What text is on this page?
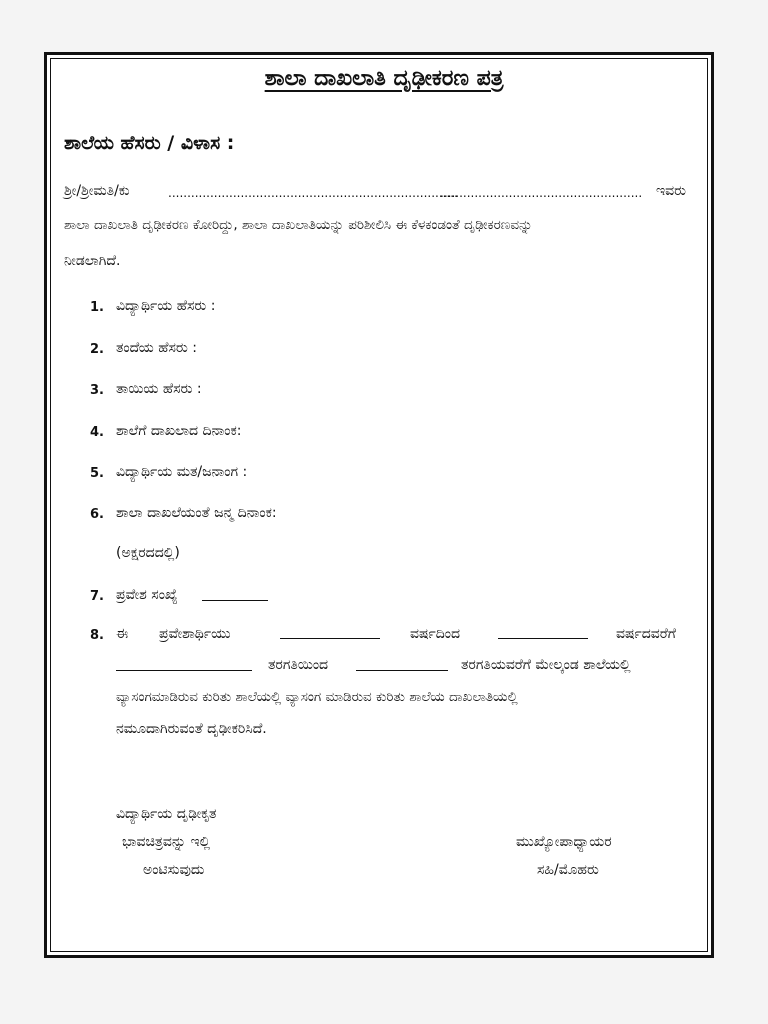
ಶಾಲಾ ದಾಖಲಾತಿ ದೃಢೀಕರಣ ಪತ್ರ
ಶಾಲೆಯ ಹೆಸರು / ವಿಳಾಸ :
ಶ್ರೀ/ಶ್ರೀಮತಿ/ಕು	............................................................................
..................................................... ಇವರು
ಶಾಲಾ ದಾಖಲಾತಿ ದೃಢೀಕರಣ ಕೋರಿದ್ದು, ಶಾಲಾ ದಾಖಲಾತಿಯನ್ನು ಪರಿಶೀಲಿಸಿ ಈ ಕೆಳಕಂಡಂತೆ ದೃಢೀಕರಣವನ್ನು
ನೀಡಲಾಗಿದೆ.
1. ವಿದ್ಯಾರ್ಥಿಯ ಹೆಸರು :
2. ತಂದೆಯ ಹೆಸರು :
3. ತಾಯಿಯ ಹೆಸರು :
4. ಶಾಲೆಗೆ ದಾಖಲಾದ ದಿನಾಂಕ:
5. ವಿದ್ಯಾರ್ಥಿಯ ಮತ/ಜನಾಂಗ :
6. ಶಾಲಾ ದಾಖಲೆಯಂತೆ ಜನ್ಮ ದಿನಾಂಕ:
(ಅಕ್ಷರದದಲ್ಲಿ)
7. ಪ್ರವೇಶ ಸಂಖ್ಯೆ
8. ಈ ಪ್ರವೇಶಾರ್ಥಿಯು	ವರ್ಷದಿಂದ	ವರ್ಷದವರೆಗೆ
ತರಗತಿಯಿಂದ	ತರಗತಿಯವರೆಗೆ ಮೇಲ್ಕಂಡ ಶಾಲೆಯಲ್ಲಿ
ವ್ಯಾಸಂಗಮಾಡಿರುವ ಕುರಿತು ಶಾಲೆಯಲ್ಲಿ ವ್ಯಾಸಂಗ ಮಾಡಿರುವ ಕುರಿತು ಶಾಲೆಯ ದಾಖಲಾತಿಯಲ್ಲಿ
ನಮೂದಾಗಿರುವಂತೆ ದೃಢೀಕರಿಸಿದೆ.
ವಿದ್ಯಾರ್ಥಿಯ ದೃಢೀಕೃತ
ಭಾವಚಿತ್ರವನ್ನು ಇಲ್ಲಿ
ಅಂಟಿಸುವುದು
ಮುಖ್ಯೋಪಾಧ್ಯಾಯರ
ಸಹಿ/ಮೊಹರು
